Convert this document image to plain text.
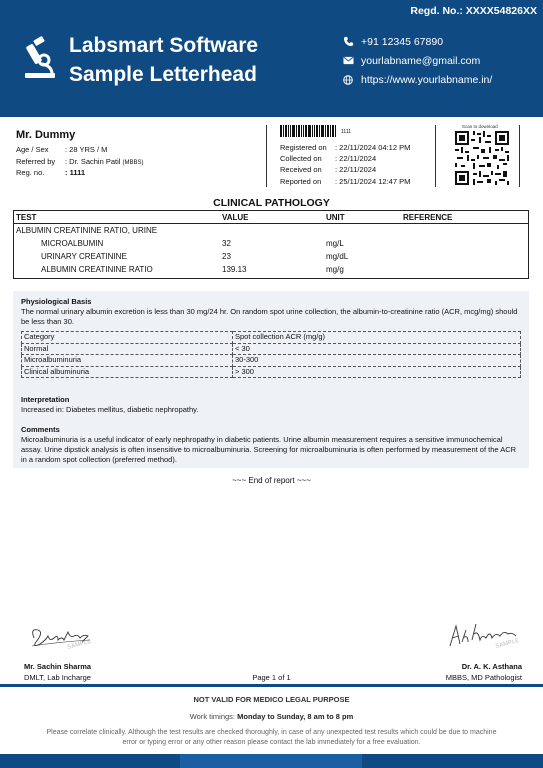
Regd. No.: XXXX54826XX
Labsmart Software
Sample Letterhead
+91 12345 67890
yourlabname@gmail.com
https://www.yourlabname.in/
Mr. Dummy
Age / Sex	: 28 YRS / M
Referred by	: Dr. Sachin Patil (MBBS)
Reg. no.	: 1111
1111
Registered on	: 22/11/2024 04:12 PM
Collected on	: 22/11/2024
Received on	: 22/11/2024
Reported on	: 25/11/2024 12:47 PM
Scan to download
CLINICAL PATHOLOGY
TEST	VALUE	UNIT	REFERENCE
ALBUMIN CREATININE RATIO, URINE
MICROALBUMIN	32	mg/L
URINARY CREATININE	23	mg/dL
ALBUMIN CREATININE RATIO	139.13	mg/g
Physiological Basis

The normal urinary albumin excretion is less than 30 mg/24 hr. On random spot urine collection, the albumin-to-creatinine ratio (ACR, mcg/mg) should be less than 30.

Category	Spot collection ACR (mg/g)
Normal	< 30
Microalbuminuria	30-300
Clinical albuminuria	> 300
Interpretation

Increased in: Diabetes mellitus, diabetic nephropathy.

Comments

Microalbuminuria is a useful indicator of early nephropathy in diabetic patients. Urine albumin measurement requires a sensitive immunochemical assay. Urine dipstick analysis is often insensitive to microalbuminuria. Screening for microalbuminuria is often performed by measurement of the ACR in a random spot collection (preferred method).

~~~ End of report ~~~
SAMPLE
Mr. Sachin Sharma
DMLT, Lab Incharge
SAMPLE
Dr. A. K. Asthana
MBBS, MD Pathologist
Page 1 of 1
NOT VALID FOR MEDICO LEGAL PURPOSE
Work timings: Monday to Sunday, 8 am to 8 pm
Please correlate clinically. Although the test results are checked thoroughly, in case of any unexpected test results which could be due to machine error or typing error or any other reason please contact the lab immediately for a free evaluation.
